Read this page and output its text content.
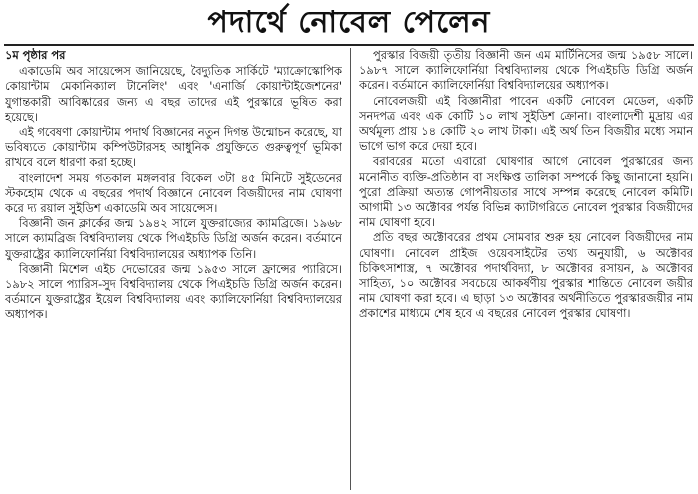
পদার্থে নোবেল পেলেন

১ম পৃষ্ঠার পর

একাডেমি অব সায়েন্সেস জানিয়েছে, বৈদ্যুতিক সার্কিটে 'ম্যাক্রোস্কোপিক কোয়ান্টাম মেকানিক্যাল টানেলিং' এবং 'এনার্জি কোয়ান্টাইজেশনের' যুগান্তকারী আবিষ্কারের জন্য এ বছর তাদের এই পুরস্কারে ভূষিত করা হয়েছে।

এই গবেষণা কোয়ান্টাম পদার্থ বিজ্ঞানের নতুন দিগন্ত উন্মোচন করেছে, যা ভবিষ্যতে কোয়ান্টাম কম্পিউটারসহ আধুনিক প্রযুক্তিতে গুরুত্বপূর্ণ ভূমিকা রাখবে বলে ধারণা করা হচ্ছে।

বাংলাদেশ সময় গতকাল মঙ্গলবার বিকেল ৩টা ৪৫ মিনিটে সুইডেনের স্টকহোম থেকে এ বছরের পদার্থ বিজ্ঞানে নোবেল বিজয়ীদের নাম ঘোষণা করে দ্য রয়াল সুইডিশ একাডেমি অব সায়েন্সেস।

বিজ্ঞানী জন ক্লার্কের জন্ম ১৯৪২ সালে যুক্তরাজ্যের ক্যামব্রিজে। ১৯৬৮ সালে ক্যামব্রিজ বিশ্ববিদ্যালয় থেকে পিএইচডি ডিগ্রি অর্জন করেন। বর্তমানে যুক্তরাষ্ট্রের ক্যালিফোর্নিয়া বিশ্ববিদ্যালয়ের অধ্যাপক তিনি।

বিজ্ঞানী মিশেল এইচ দেভোরের জন্ম ১৯৫৩ সালে ফ্রান্সের প্যারিসে। ১৯৮২ সালে প্যারিস-সুদ বিশ্ববিদ্যালয় থেকে পিএইচডি ডিগ্রি অর্জন করেন। বর্তমানে যুক্তরাষ্ট্রের ইয়েল বিশ্ববিদ্যালয় এবং ক্যালিফোর্নিয়া বিশ্ববিদ্যালয়ের অধ্যাপক।

পুরস্কার বিজয়ী তৃতীয় বিজ্ঞানী জন এম মার্টিনিসের জন্ম ১৯৫৮ সালে। ১৯৮৭ সালে ক্যালিফোর্নিয়া বিশ্ববিদ্যালয় থেকে পিএইচডি ডিগ্রি অর্জন করেন। বর্তমানে ক্যালিফোর্নিয়া বিশ্ববিদ্যালয়ের অধ্যাপক।

নোবেলজয়ী এই বিজ্ঞানীরা পাবেন একটি নোবেল মেডেল, একটি সনদপত্র এবং এক কোটি ১০ লাখ সুইডিশ ক্রোনা। বাংলাদেশী মুদ্রায় এর অর্থমূল্য প্রায় ১৪ কোটি ২০ লাখ টাকা। এই অর্থ তিন বিজয়ীর মধ্যে সমান ভাগে ভাগ করে দেয়া হবে।

বরাবরের মতো এবারো ঘোষণার আগে নোবেল পুরস্কারের জন্য মনোনীত ব্যক্তি-প্রতিষ্ঠান বা সংক্ষিপ্ত তালিকা সম্পর্কে কিছু জানানো হয়নি। পুরো প্রক্রিয়া অত্যন্ত গোপনীয়তার সাথে সম্পন্ন করেছে নোবেল কমিটি। আগামী ১৩ অক্টোবর পর্যন্ত বিভিন্ন ক্যাটাগরিতে নোবেল পুরস্কার বিজয়ীদের নাম ঘোষণা হবে।

প্রতি বছর অক্টোবরের প্রথম সোমবার শুরু হয় নোবেল বিজয়ীদের নাম ঘোষণা। নোবেল প্রাইজ ওয়েবসাইটের তথ্য অনুযায়ী, ৬ অক্টোবর চিকিৎসাশাস্ত্র, ৭ অক্টোবর পদার্থবিদ্যা, ৮ অক্টোবর রসায়ন, ৯ অক্টোবর সাহিত্য, ১০ অক্টোবর সবচেয়ে আকর্ষণীয় পুরস্কার শান্তিতে নোবেল জয়ীর নাম ঘোষণা করা হবে। এ ছাড়া ১৩ অক্টোবর অর্থনীতিতে পুরস্কারজয়ীর নাম প্রকাশের মাধ্যমে শেষ হবে এ বছরের নোবেল পুরস্কার ঘোষণা।
